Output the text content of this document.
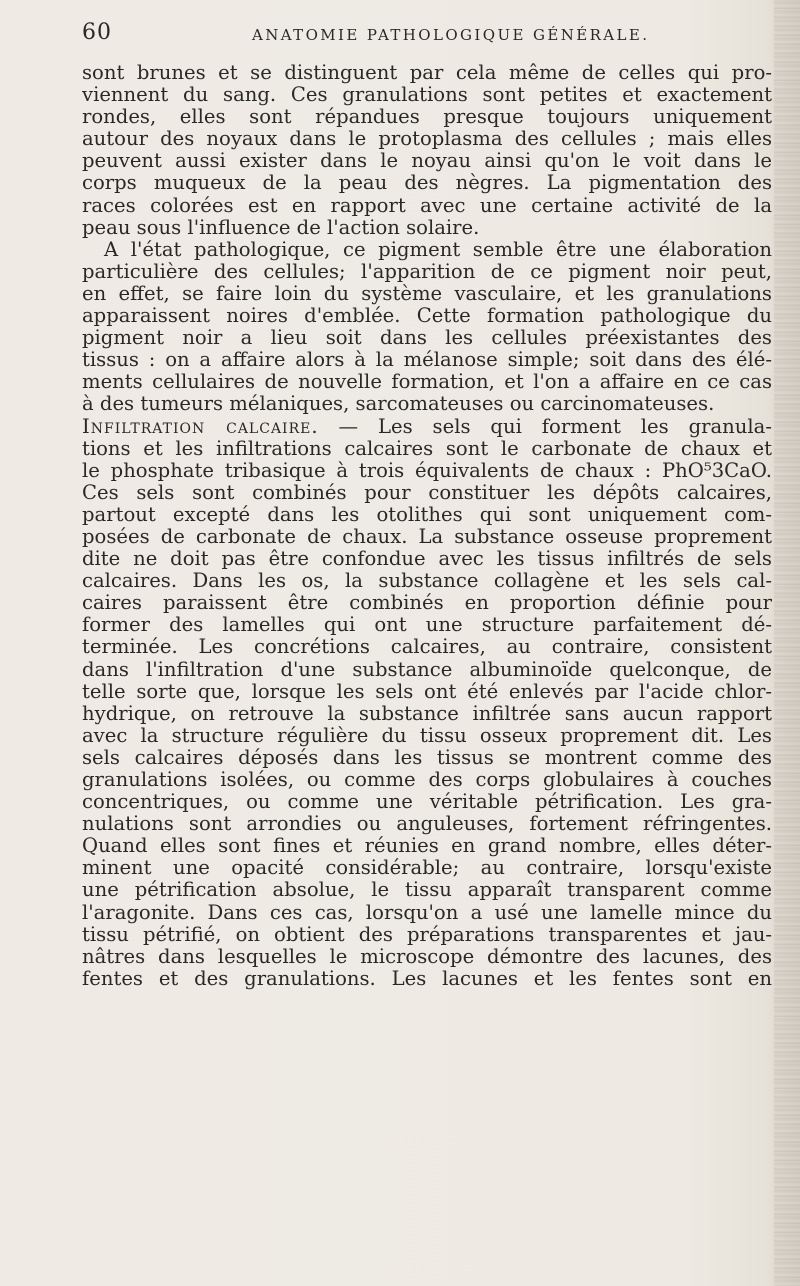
60	ANATOMIE PATHOLOGIQUE GÉNÉRALE.
sont brunes et se distinguent par cela même de celles qui pro-
viennent du sang. Ces granulations sont petites et exactement
rondes, elles sont répandues presque toujours uniquement
autour des noyaux dans le protoplasma des cellules ; mais elles
peuvent aussi exister dans le noyau ainsi qu'on le voit dans le
corps muqueux de la peau des nègres. La pigmentation des
races colorées est en rapport avec une certaine activité de la
peau sous l'influence de l'action solaire.
A l'état pathologique, ce pigment semble être une élaboration
particulière des cellules; l'apparition de ce pigment noir peut,
en effet, se faire loin du système vasculaire, et les granulations
apparaissent noires d'emblée. Cette formation pathologique du
pigment noir a lieu soit dans les cellules préexistantes des
tissus : on a affaire alors à la mélanose simple; soit dans des élé-
ments cellulaires de nouvelle formation, et l'on a affaire en ce cas
à des tumeurs mélaniques, sarcomateuses ou carcinomateuses.
Infiltration calcaire. — Les sels qui forment les granula-
tions et les infiltrations calcaires sont le carbonate de chaux et
le phosphate tribasique à trois équivalents de chaux : PhO⁵3CaO.
Ces sels sont combinés pour constituer les dépôts calcaires,
partout excepté dans les otolithes qui sont uniquement com-
posées de carbonate de chaux. La substance osseuse proprement
dite ne doit pas être confondue avec les tissus infiltrés de sels
calcaires. Dans les os, la substance collagène et les sels cal-
caires paraissent être combinés en proportion définie pour
former des lamelles qui ont une structure parfaitement dé-
terminée. Les concrétions calcaires, au contraire, consistent
dans l'infiltration d'une substance albuminoïde quelconque, de
telle sorte que, lorsque les sels ont été enlevés par l'acide chlor-
hydrique, on retrouve la substance infiltrée sans aucun rapport
avec la structure régulière du tissu osseux proprement dit. Les
sels calcaires déposés dans les tissus se montrent comme des
granulations isolées, ou comme des corps globulaires à couches
concentriques, ou comme une véritable pétrification. Les gra-
nulations sont arrondies ou anguleuses, fortement réfringentes.
Quand elles sont fines et réunies en grand nombre, elles déter-
minent une opacité considérable; au contraire, lorsqu'existe
une pétrification absolue, le tissu apparaît transparent comme
l'aragonite. Dans ces cas, lorsqu'on a usé une lamelle mince du
tissu pétrifié, on obtient des préparations transparentes et jau-
nâtres dans lesquelles le microscope démontre des lacunes, des
fentes et des granulations. Les lacunes et les fentes sont en
